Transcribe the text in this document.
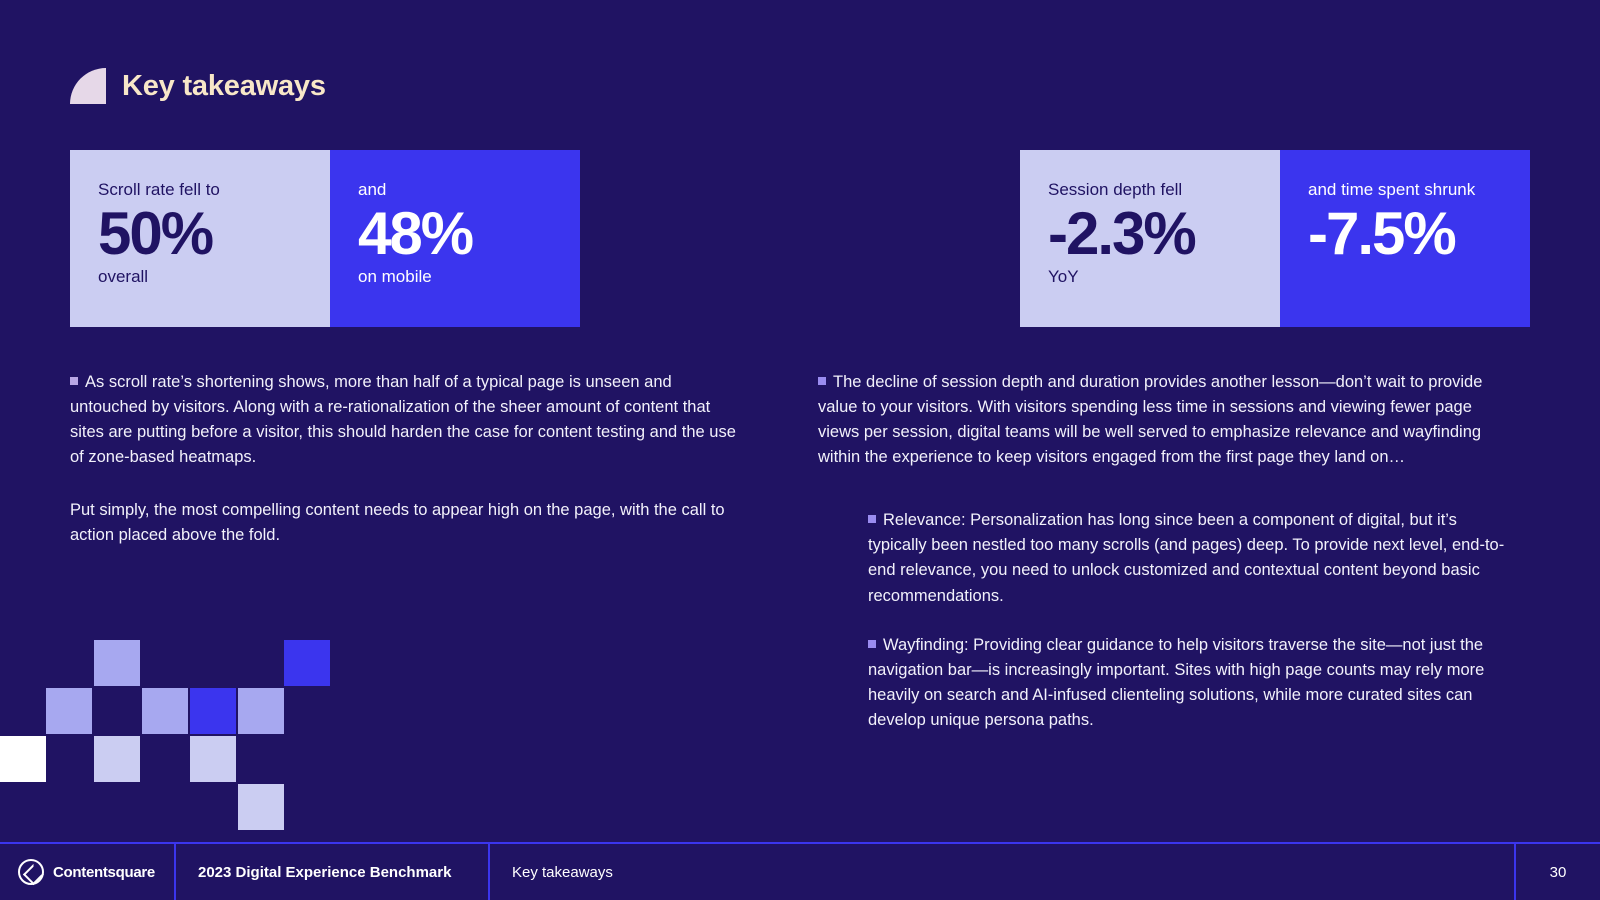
Key takeaways
Scroll rate fell to
50%
overall
and
48%
on mobile
Session depth fell
-2.3%
YoY
and time spent shrunk
-7.5%
As scroll rate’s shortening shows, more than half of a typical page is unseen and untouched by visitors. Along with a re-rationalization of the sheer amount of content that sites are putting before a visitor, this should harden the case for content testing and the use of zone-based heatmaps.
Put simply, the most compelling content needs to appear high on the page, with the call to action placed above the fold.
The decline of session depth and duration provides another lesson—don’t wait to provide value to your visitors. With visitors spending less time in sessions and viewing fewer page views per session, digital teams will be well served to emphasize relevance and wayfinding within the experience to keep visitors engaged from the first page they land on…
Relevance: Personalization has long since been a component of digital, but it’s typically been nestled too many scrolls (and pages) deep. To provide next level, end-to-end relevance, you need to unlock customized and contextual content beyond basic recommendations.
Wayfinding: Providing clear guidance to help visitors traverse the site—not just the navigation bar—is increasingly important. Sites with high page counts may rely more heavily on search and AI-infused clienteling solutions, while more curated sites can develop unique persona paths.
Contentsquare	2023 Digital Experience Benchmark	Key takeaways	30
